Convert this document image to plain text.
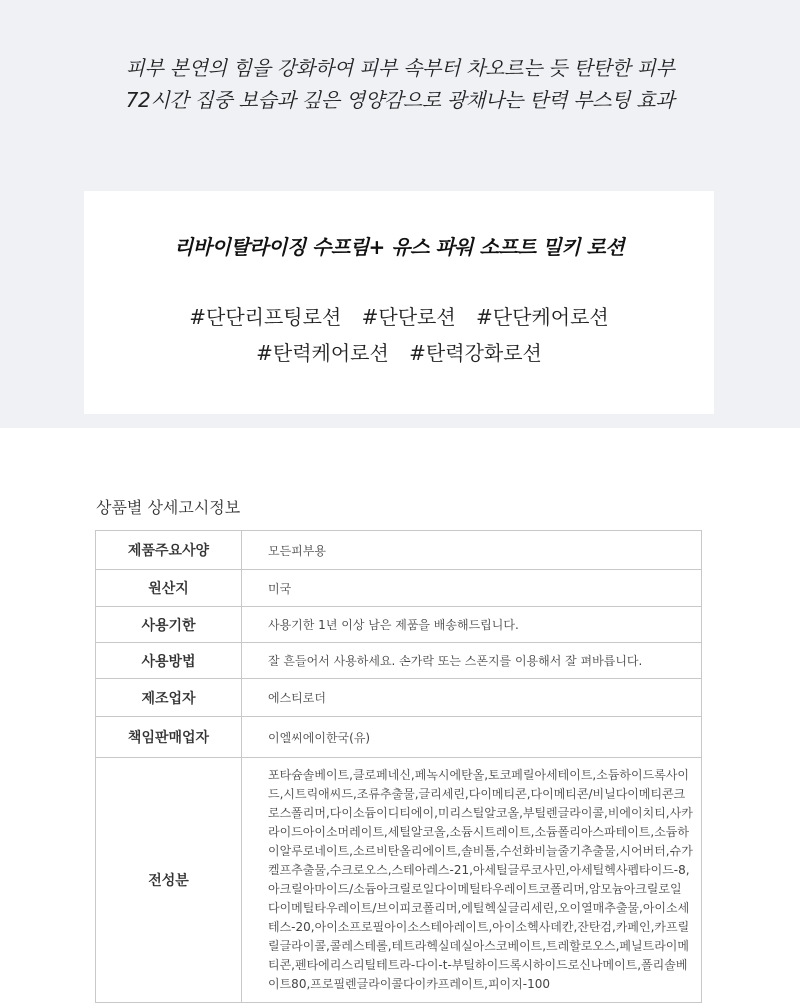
피부 본연의 힘을 강화하여 피부 속부터 차오르는 듯 탄탄한 피부
72시간 집중 보습과 깊은 영양감으로 광채나는 탄력 부스팅 효과
리바이탈라이징 수프림+ 유스 파워 소프트 밀키 로션
#단단리프팅로션 #단단로션 #단단케어로션
#탄력케어로션 #탄력강화로션
상품별 상세고시정보
제품주요사양	모든피부용
원산지	미국
사용기한	사용기한 1년 이상 남은 제품을 배송해드립니다.
사용방법	잘 흔들어서 사용하세요. 손가락 또는 스폰지를 이용해서 잘 펴바릅니다.
제조업자	에스티로더
책임판매업자	이엘씨에이한국(유)
전성분	포타슘솔베이트,클로페네신,페녹시에탄올,토코페릴아세테이트,소듐하이드록사이드,시트릭애씨드,조류추출물,글리세린,다이메티콘,다이메티콘/비닐다이메티콘크로스폴리머,다이소듐이디티에이,미리스틸알코올,부틸렌글라이콜,비에이치티,사카라이드아이소머레이트,세틸알코올,소듐시트레이트,소듐폴리아스파테이트,소듐하이알루로네이트,소르비탄올리에이트,솔비톨,수선화비늘줄기추출물,시어버터,슈가켈프추출물,수크로오스,스테아레스-21,아세틸글루코사민,아세틸헥사펩타이드-8,아크릴아마이드/소듐아크릴로일다이메틸타우레이트코폴리머,암모늄아크릴로일다이메틸타우레이트/브이피코폴리머,에틸헥실글리세린,오이열매추출물,아이소세테스-20,아이소프로필아이소스테아레이트,아이소헥사데칸,잔탄검,카페인,카프릴릴글라이콜,콜레스테롤,테트라헥실데실아스코베이트,트레할로오스,페닐트라이메티콘,펜타에리스리틸테트라-다이-t-부틸하이드록시하이드로신나메이트,폴리솔베이트80,프로필렌글라이콜다이카프레이트,피이지-100
